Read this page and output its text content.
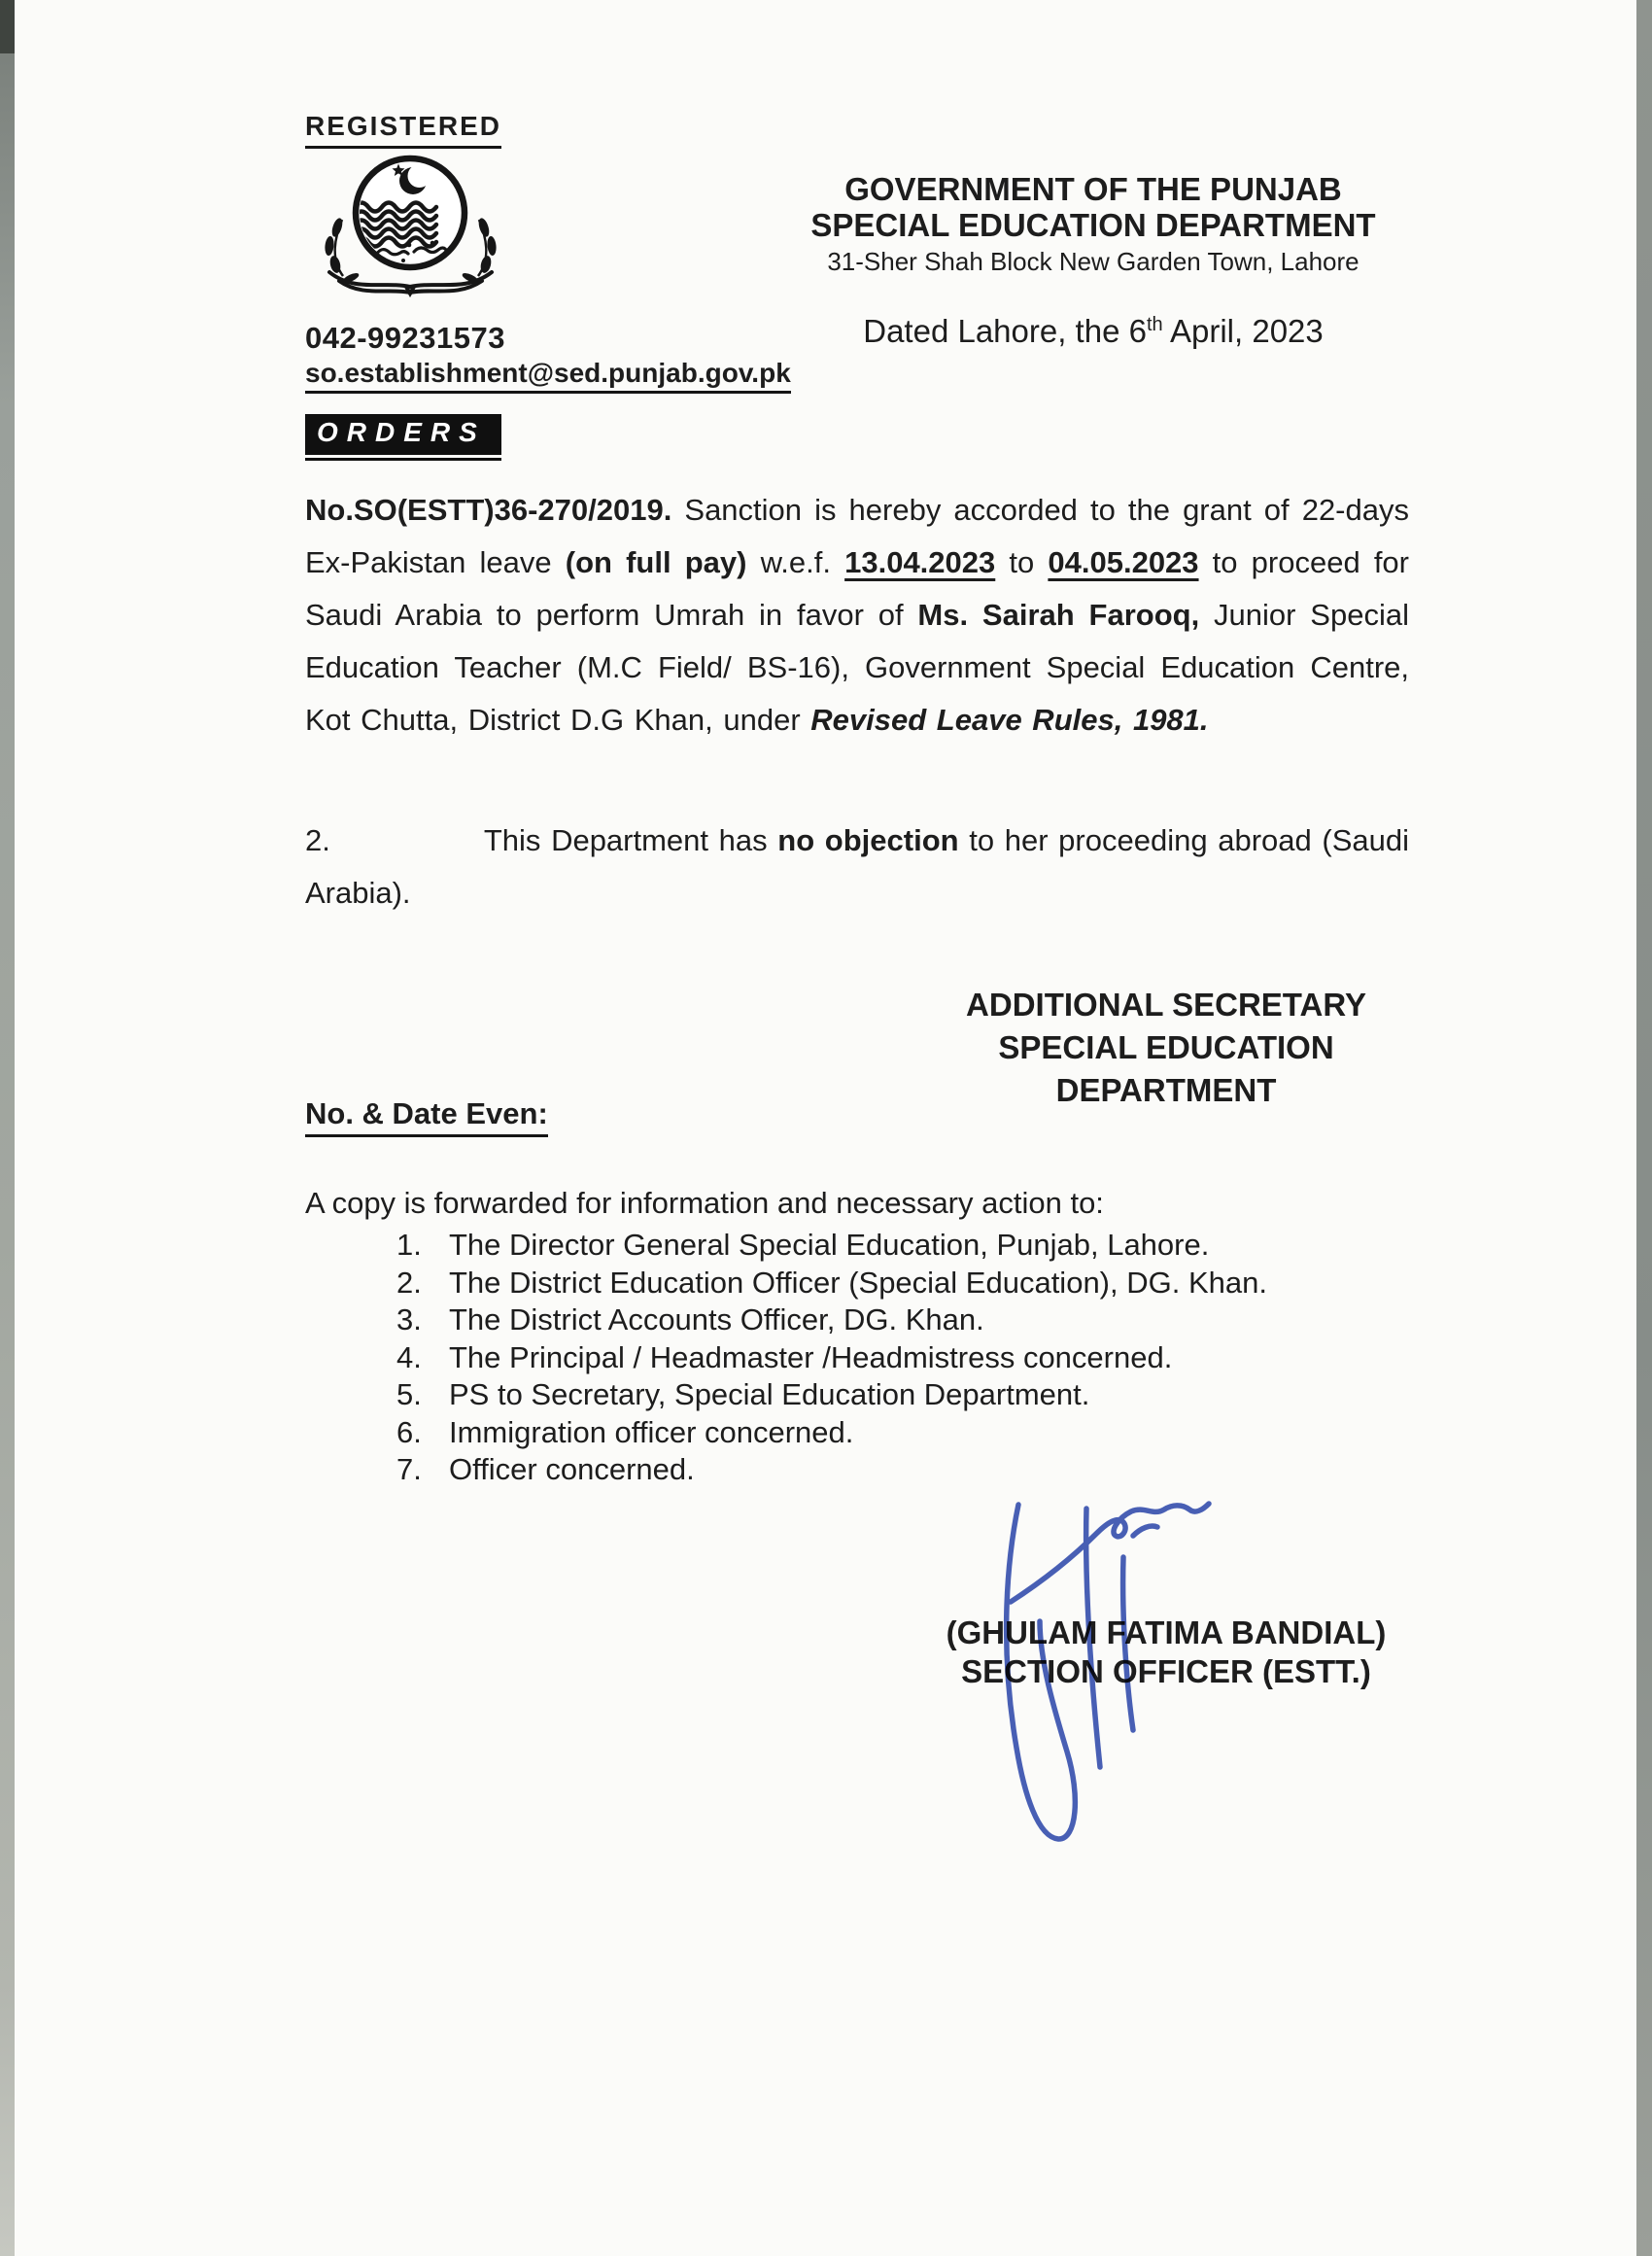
REGISTERED
GOVERNMENT OF THE PUNJAB
SPECIAL EDUCATION DEPARTMENT
31-Sher Shah Block New Garden Town, Lahore
042-99231573	Dated Lahore, the 6th April, 2023
so.establishment@sed.punjab.gov.pk
ORDERS
No.SO(ESTT)36-270/2019. Sanction is hereby accorded to the grant of 22-days Ex-Pakistan leave (on full pay) w.e.f. 13.04.2023 to 04.05.2023 to proceed for Saudi Arabia to perform Umrah in favor of Ms. Sairah Farooq, Junior Special Education Teacher (M.C Field/ BS-16), Government Special Education Centre, Kot Chutta, District D.G Khan, under Revised Leave Rules, 1981.
2.	This Department has no objection to her proceeding abroad (Saudi Arabia).
ADDITIONAL SECRETARY
SPECIAL EDUCATION
DEPARTMENT
No. & Date Even:
A copy is forwarded for information and necessary action to:
1. The Director General Special Education, Punjab, Lahore.
2. The District Education Officer (Special Education), DG. Khan.
3. The District Accounts Officer, DG. Khan.
4. The Principal / Headmaster /Headmistress concerned.
5. PS to Secretary, Special Education Department.
6. Immigration officer concerned.
7. Officer concerned.
(GHULAM FATIMA BANDIAL)
SECTION OFFICER (ESTT.)
